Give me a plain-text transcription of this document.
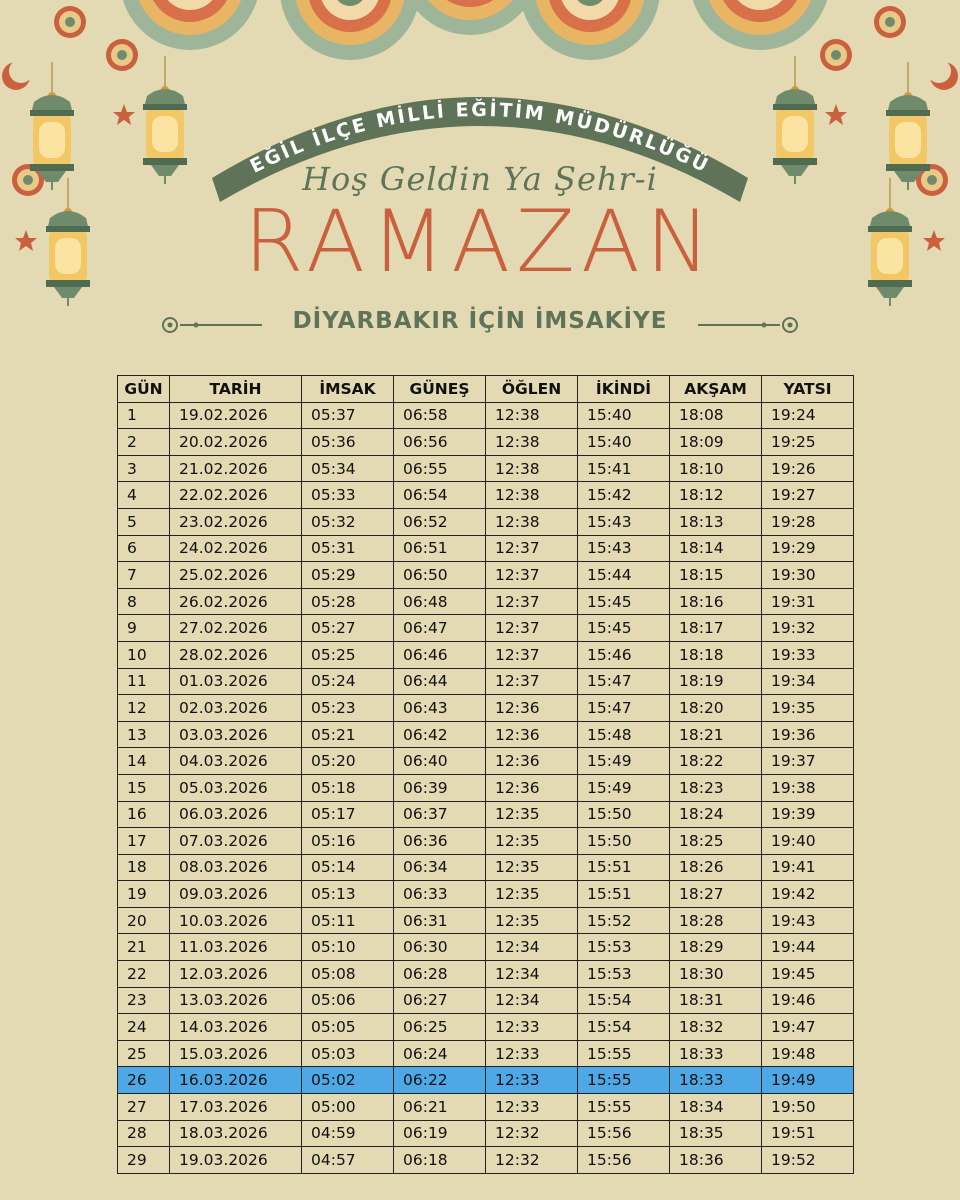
EĞİL İLÇE MİLLİ EĞİTİM MÜDÜRLÜĞÜ
Hoş Geldin Ya Şehr-i
RAMAZAN
DİYARBAKIR İÇİN İMSAKİYE
GÜN	TARİH	İMSAK	GÜNEŞ	ÖĞLEN	İKİNDİ	AKŞAM	YATSI
1	19.02.2026	05:37	06:58	12:38	15:40	18:08	19:24
2	20.02.2026	05:36	06:56	12:38	15:40	18:09	19:25
3	21.02.2026	05:34	06:55	12:38	15:41	18:10	19:26
4	22.02.2026	05:33	06:54	12:38	15:42	18:12	19:27
5	23.02.2026	05:32	06:52	12:38	15:43	18:13	19:28
6	24.02.2026	05:31	06:51	12:37	15:43	18:14	19:29
7	25.02.2026	05:29	06:50	12:37	15:44	18:15	19:30
8	26.02.2026	05:28	06:48	12:37	15:45	18:16	19:31
9	27.02.2026	05:27	06:47	12:37	15:45	18:17	19:32
10	28.02.2026	05:25	06:46	12:37	15:46	18:18	19:33
11	01.03.2026	05:24	06:44	12:37	15:47	18:19	19:34
12	02.03.2026	05:23	06:43	12:36	15:47	18:20	19:35
13	03.03.2026	05:21	06:42	12:36	15:48	18:21	19:36
14	04.03.2026	05:20	06:40	12:36	15:49	18:22	19:37
15	05.03.2026	05:18	06:39	12:36	15:49	18:23	19:38
16	06.03.2026	05:17	06:37	12:35	15:50	18:24	19:39
17	07.03.2026	05:16	06:36	12:35	15:50	18:25	19:40
18	08.03.2026	05:14	06:34	12:35	15:51	18:26	19:41
19	09.03.2026	05:13	06:33	12:35	15:51	18:27	19:42
20	10.03.2026	05:11	06:31	12:35	15:52	18:28	19:43
21	11.03.2026	05:10	06:30	12:34	15:53	18:29	19:44
22	12.03.2026	05:08	06:28	12:34	15:53	18:30	19:45
23	13.03.2026	05:06	06:27	12:34	15:54	18:31	19:46
24	14.03.2026	05:05	06:25	12:33	15:54	18:32	19:47
25	15.03.2026	05:03	06:24	12:33	15:55	18:33	19:48
26	16.03.2026	05:02	06:22	12:33	15:55	18:33	19:49
27	17.03.2026	05:00	06:21	12:33	15:55	18:34	19:50
28	18.03.2026	04:59	06:19	12:32	15:56	18:35	19:51
29	19.03.2026	04:57	06:18	12:32	15:56	18:36	19:52
